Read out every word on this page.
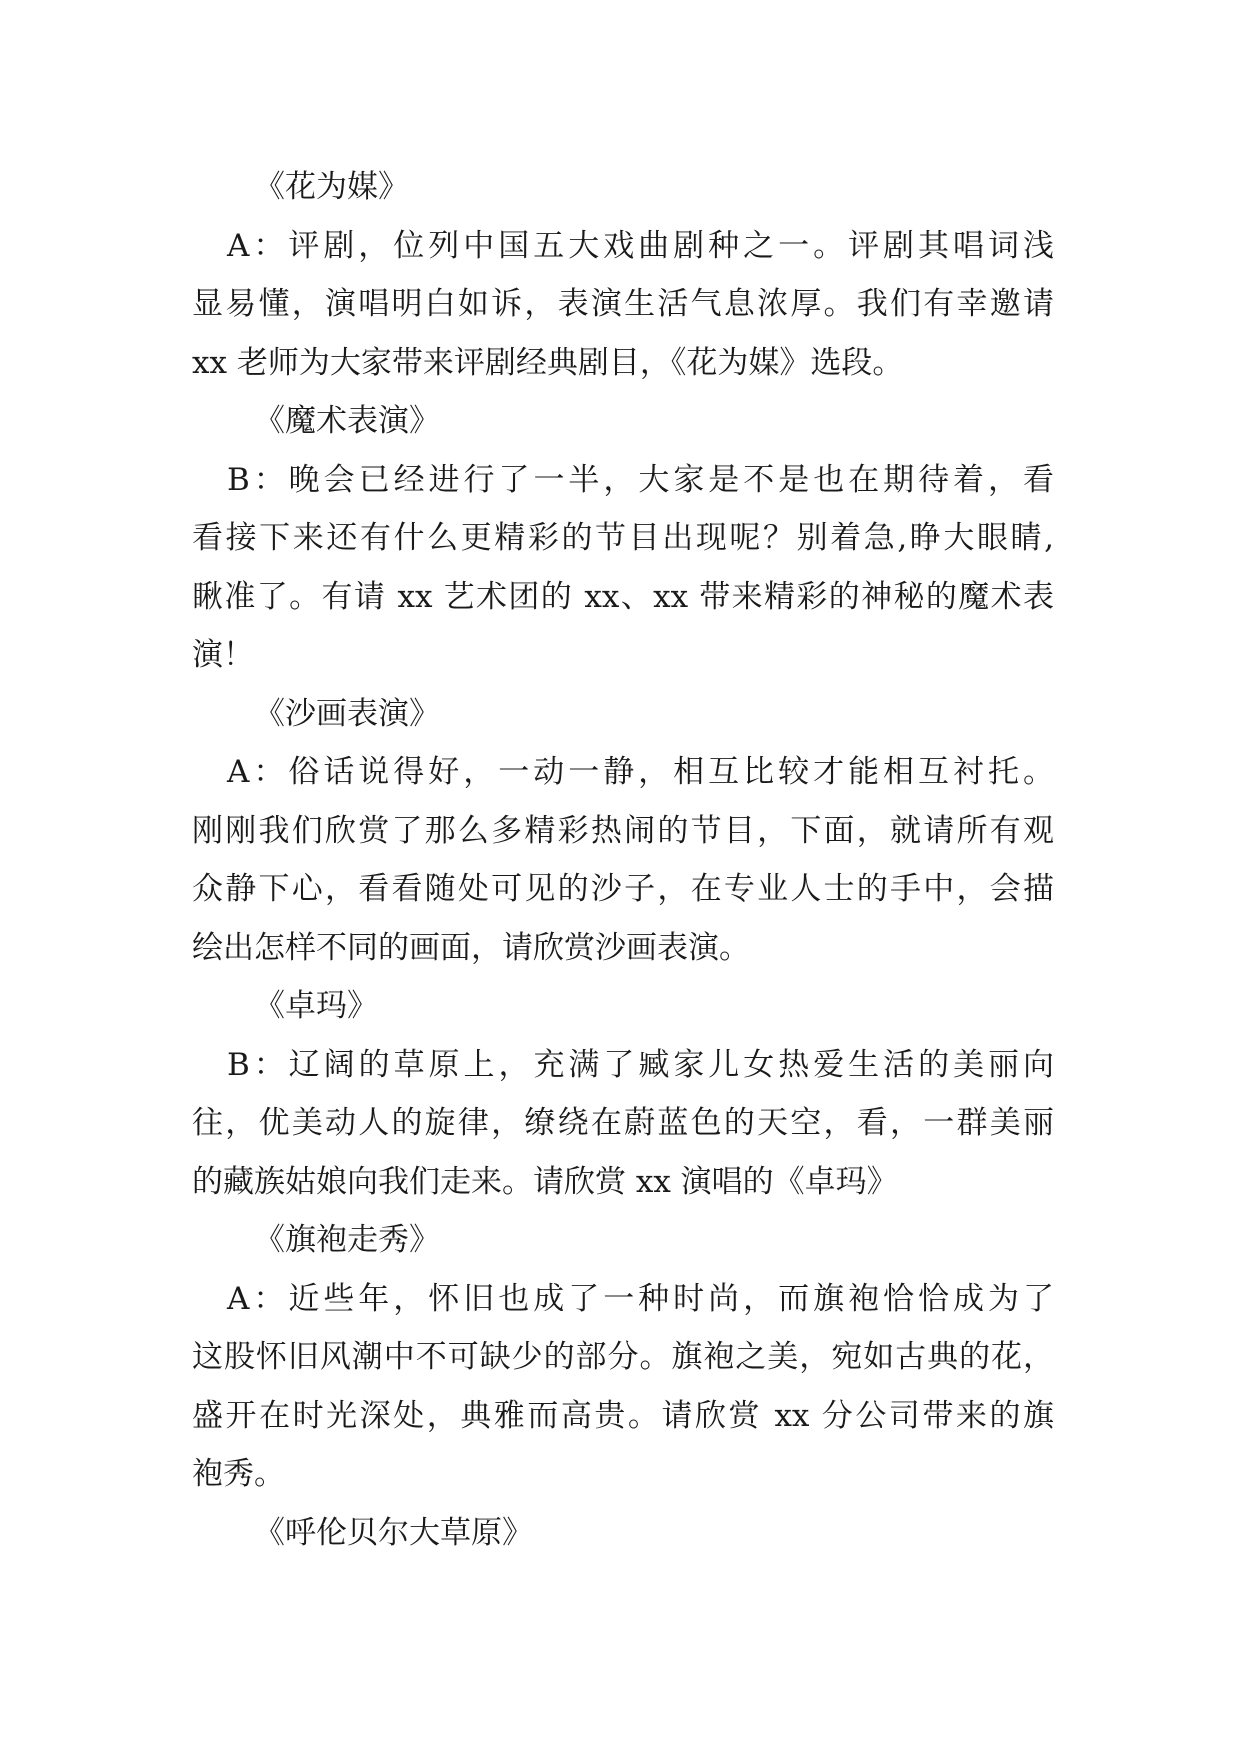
《花为媒》
　A：评剧，位列中国五大戏曲剧种之一。评剧其唱词浅
显易懂，演唱明白如诉，表演生活气息浓厚。我们有幸邀请
xx 老师为大家带来评剧经典剧目，《花为媒》选段。
《魔术表演》
　B：晚会已经进行了一半，大家是不是也在期待着，看
看接下来还有什么更精彩的节目出现呢？别着急,睁大眼睛,
瞅准了。有请 xx 艺术团的 xx、xx 带来精彩的神秘的魔术表
演！
《沙画表演》
　A：俗话说得好，一动一静，相互比较才能相互衬托。
刚刚我们欣赏了那么多精彩热闹的节目，下面，就请所有观
众静下心，看看随处可见的沙子，在专业人士的手中，会描
绘出怎样不同的画面，请欣赏沙画表演。
《卓玛》
　B：辽阔的草原上，充满了臧家儿女热爱生活的美丽向
往，优美动人的旋律，缭绕在蔚蓝色的天空，看，一群美丽
的藏族姑娘向我们走来。请欣赏 xx 演唱的《卓玛》
《旗袍走秀》
　A：近些年，怀旧也成了一种时尚，而旗袍恰恰成为了
这股怀旧风潮中不可缺少的部分。旗袍之美，宛如古典的花，
盛开在时光深处，典雅而高贵。请欣赏 xx 分公司带来的旗
袍秀。
《呼伦贝尔大草原》
